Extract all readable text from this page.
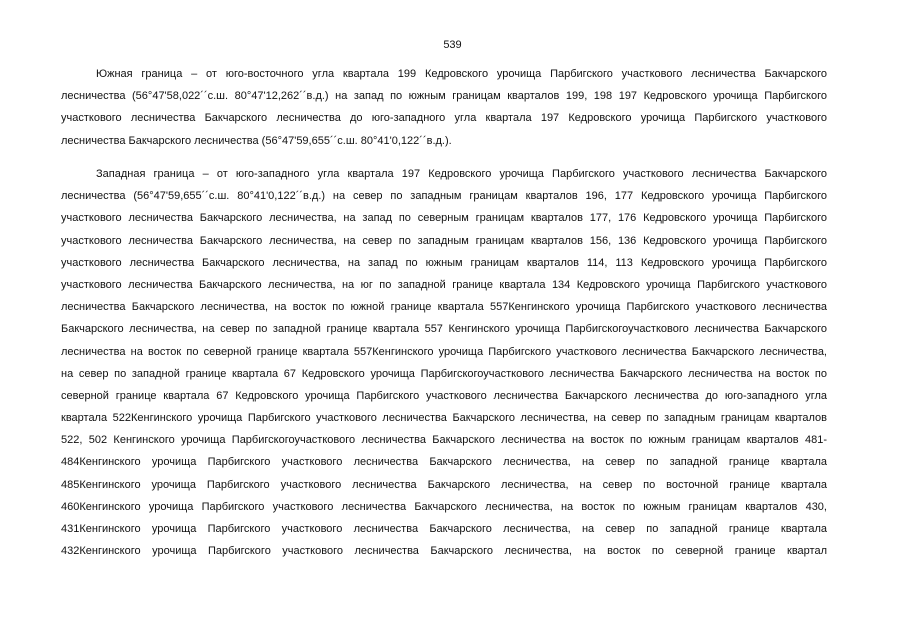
539
Южная граница – от юго-восточного угла квартала 199 Кедровского урочища Парбигского участкового лесничества Бакчарского
лесничества (56°47'58,022´´с.ш. 80°47'12,262´´в.д.) на запад по южным границам кварталов 199, 198 197 Кедровского урочища Парбигского
участкового лесничества Бакчарского лесничества до юго-западного угла квартала 197 Кедровского урочища Парбигского участкового
лесничества Бакчарского лесничества (56°47'59,655´´с.ш. 80°41'0,122´´в.д.).
Западная граница – от юго-западного угла квартала 197 Кедровского урочища Парбигского участкового лесничества Бакчарского
лесничества (56°47'59,655´´с.ш. 80°41'0,122´´в.д.) на север по западным границам кварталов 196, 177 Кедровского урочища Парбигского
участкового лесничества Бакчарского лесничества, на запад по северным границам кварталов 177, 176 Кедровского урочища Парбигского
участкового лесничества Бакчарского лесничества, на север по западным границам кварталов 156, 136 Кедровского урочища Парбигского
участкового лесничества Бакчарского лесничества, на запад по южным границам кварталов 114, 113 Кедровского урочища Парбигского
участкового лесничества Бакчарского лесничества, на юг по западной границе квартала 134 Кедровского урочища Парбигского участкового
лесничества Бакчарского лесничества, на восток по южной границе квартала 557Кенгинского урочища Парбигского участкового лесничества
Бакчарского лесничества, на север по западной границе квартала 557 Кенгинского урочища Парбигскогоучасткового лесничества Бакчарского
лесничества на восток по северной границе квартала 557Кенгинского урочища Парбигского участкового лесничества Бакчарского лесничества,
на север по западной границе квартала 67 Кедровского урочища Парбигскогоучасткового лесничества Бакчарского лесничества на восток по
северной границе квартала 67 Кедровского урочища Парбигского участкового лесничества Бакчарского лесничества до юго-западного угла
квартала 522Кенгинского урочища Парбигского участкового лесничества Бакчарского лесничества, на север по западным границам кварталов
522, 502 Кенгинского урочища Парбигскогоучасткового лесничества Бакчарского лесничества на восток по южным границам кварталов 481-
484Кенгинского урочища Парбигского участкового лесничества Бакчарского лесничества, на север по западной границе квартала
485Кенгинского урочища Парбигского участкового лесничества Бакчарского лесничества, на север по восточной границе квартала
460Кенгинского урочища Парбигского участкового лесничества Бакчарского лесничества, на восток по южным границам кварталов 430,
431Кенгинского урочища Парбигского участкового лесничества Бакчарского лесничества, на север по западной границе квартала
432Кенгинского урочища Парбигского участкового лесничества Бакчарского лесничества, на восток по северной границе квартал
